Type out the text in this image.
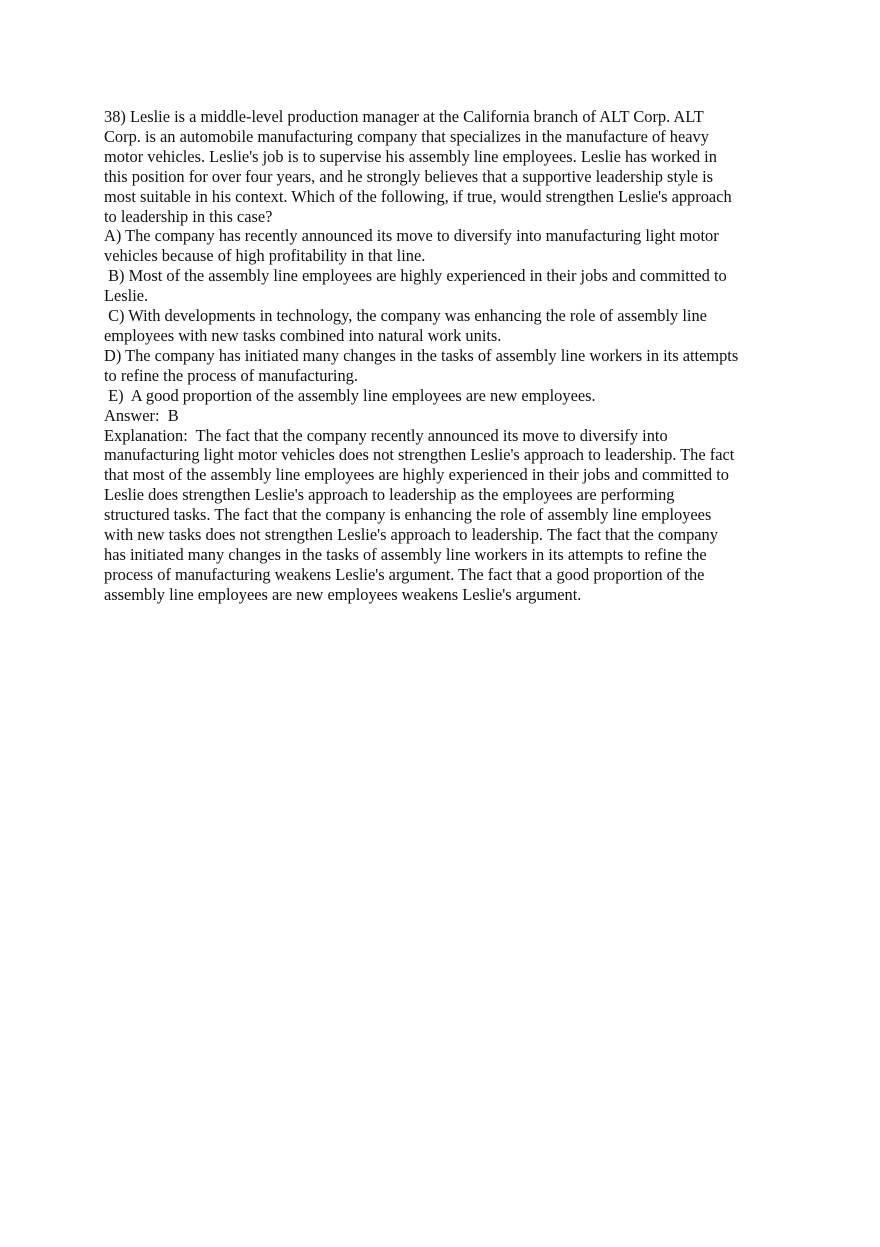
38) Leslie is a middle-level production manager at the California branch of ALT Corp. ALT
Corp. is an automobile manufacturing company that specializes in the manufacture of heavy
motor vehicles. Leslie's job is to supervise his assembly line employees. Leslie has worked in
this position for over four years, and he strongly believes that a supportive leadership style is
most suitable in his context. Which of the following, if true, would strengthen Leslie's approach
to leadership in this case?
A) The company has recently announced its move to diversify into manufacturing light motor
vehicles because of high profitability in that line.
B) Most of the assembly line employees are highly experienced in their jobs and committed to
Leslie.
C) With developments in technology, the company was enhancing the role of assembly line
employees with new tasks combined into natural work units.
D) The company has initiated many changes in the tasks of assembly line workers in its attempts
to refine the process of manufacturing.
E)  A good proportion of the assembly line employees are new employees.
Answer:  B
Explanation:  The fact that the company recently announced its move to diversify into
manufacturing light motor vehicles does not strengthen Leslie's approach to leadership. The fact
that most of the assembly line employees are highly experienced in their jobs and committed to
Leslie does strengthen Leslie's approach to leadership as the employees are performing
structured tasks. The fact that the company is enhancing the role of assembly line employees
with new tasks does not strengthen Leslie's approach to leadership. The fact that the company
has initiated many changes in the tasks of assembly line workers in its attempts to refine the
process of manufacturing weakens Leslie's argument. The fact that a good proportion of the
assembly line employees are new employees weakens Leslie's argument.
